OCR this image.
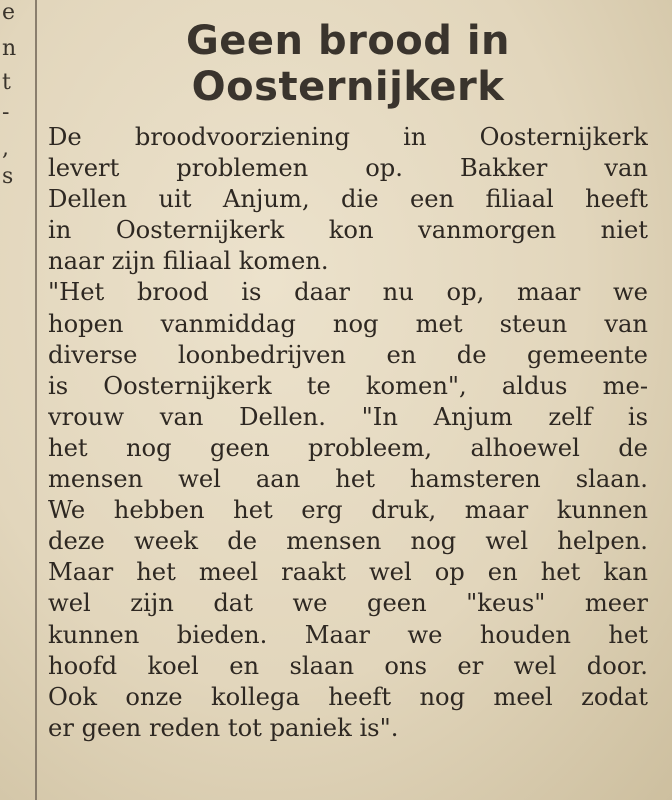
e
n
t
-
,
s
Geen brood in
Oosternijkerk
De broodvoorziening in Oosternijkerk
levert problemen op. Bakker van
Dellen uit Anjum, die een filiaal heeft
in Oosternijkerk kon vanmorgen niet
naar zijn filiaal komen.
"Het brood is daar nu op, maar we
hopen vanmiddag nog met steun van
diverse loonbedrijven en de gemeente
is Oosternijkerk te komen", aldus me-
vrouw van Dellen. "In Anjum zelf is
het nog geen probleem, alhoewel de
mensen wel aan het hamsteren slaan.
We hebben het erg druk, maar kunnen
deze week de mensen nog wel helpen.
Maar het meel raakt wel op en het kan
wel zijn dat we geen "keus" meer
kunnen bieden. Maar we houden het
hoofd koel en slaan ons er wel door.
Ook onze kollega heeft nog meel zodat
er geen reden tot paniek is".
